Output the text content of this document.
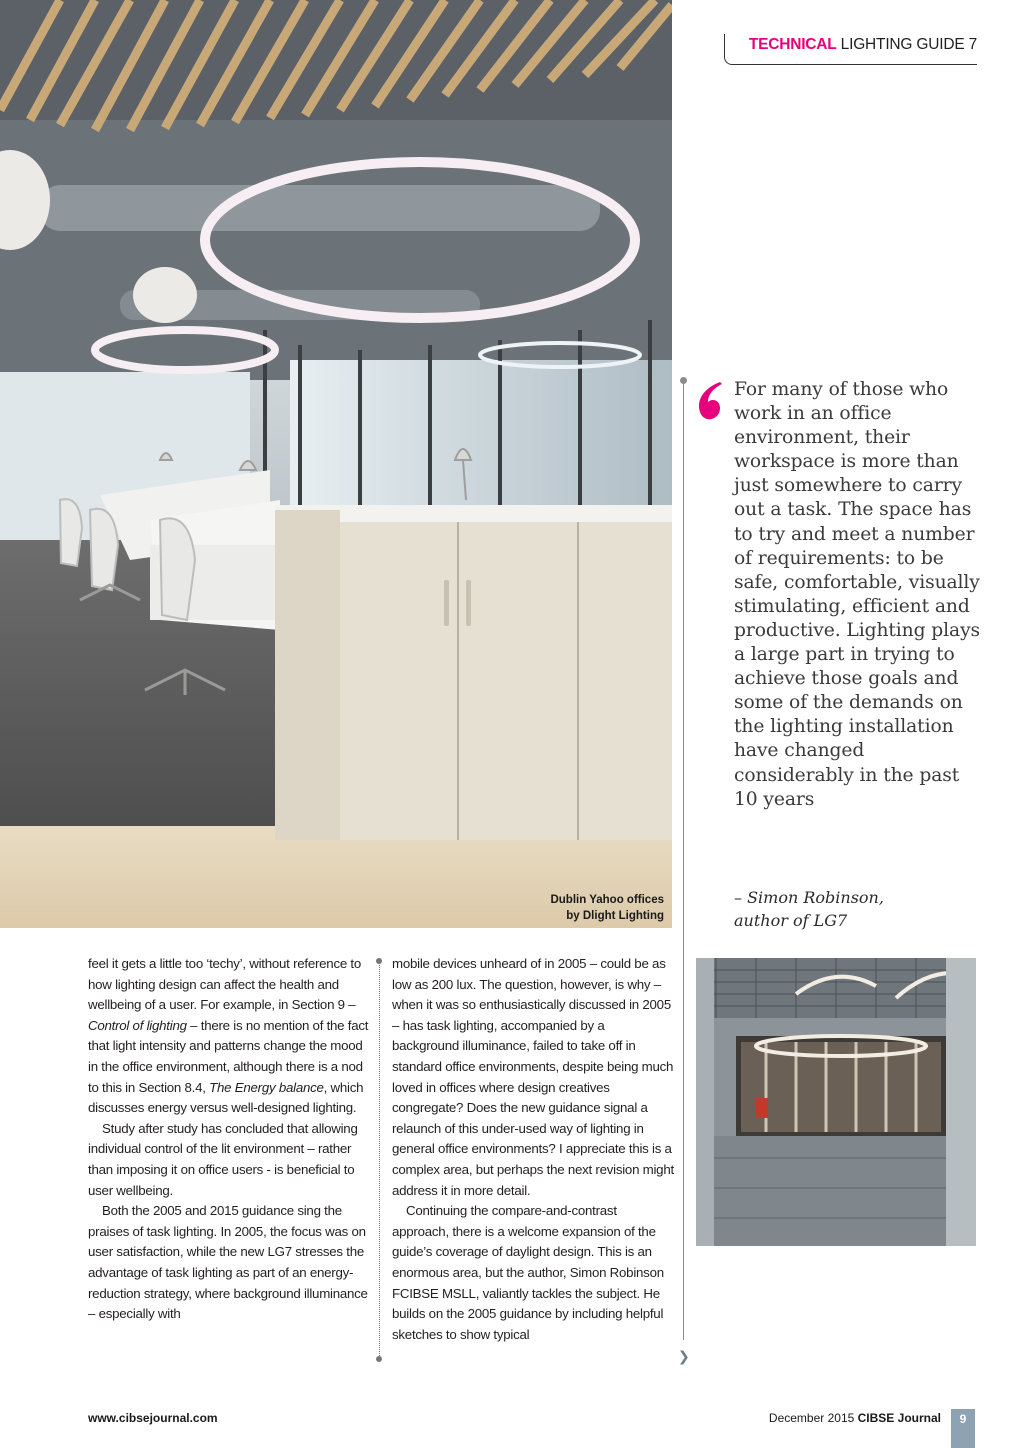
TECHNICAL LIGHTING GUIDE 7
Dublin Yahoo offices
by Dlight Lighting
For many of those who work in an office environment, their workspace is more than just somewhere to carry out a task. The space has to try and meet a number of requirements: to be safe, comfortable, visually stimulating, efficient and productive. Lighting plays a large part in trying to achieve those goals and some of the demands on the lighting installation have changed considerably in the past 10 years
– Simon Robinson,
author of LG7

feel it gets a little too ‘techy’, without reference to how lighting design can affect the health and wellbeing of a user. For example, in Section 9 – Control of lighting – there is no mention of the fact that light intensity and patterns change the mood in the office environment, although there is a nod to this in Section 8.4, The Energy balance, which discusses energy versus well-designed lighting.

Study after study has concluded that allowing individual control of the lit environment – rather than imposing it on office users - is beneficial to user wellbeing.

Both the 2005 and 2015 guidance sing the praises of task lighting. In 2005, the focus was on user satisfaction, while the new LG7 stresses the advantage of task lighting as part of an energy-reduction strategy, where background illuminance – especially with

mobile devices unheard of in 2005 – could be as low as 200 lux. The question, however, is why – when it was so enthusiastically discussed in 2005 – has task lighting, accompanied by a background illuminance, failed to take off in standard office environments, despite being much loved in offices where design creatives congregate? Does the new guidance signal a relaunch of this under-used way of lighting in general office environments? I appreciate this is a complex area, but perhaps the next revision might address it in more detail.

Continuing the compare-and-contrast approach, there is a welcome expansion of the guide’s coverage of daylight design. This is an enormous area, but the author, Simon Robinson FCIBSE MSLL, valiantly tackles the subject. He builds on the 2005 guidance by including helpful sketches to show typical

❯
www.cibsejournal.com	December 2015 CIBSE Journal	9
